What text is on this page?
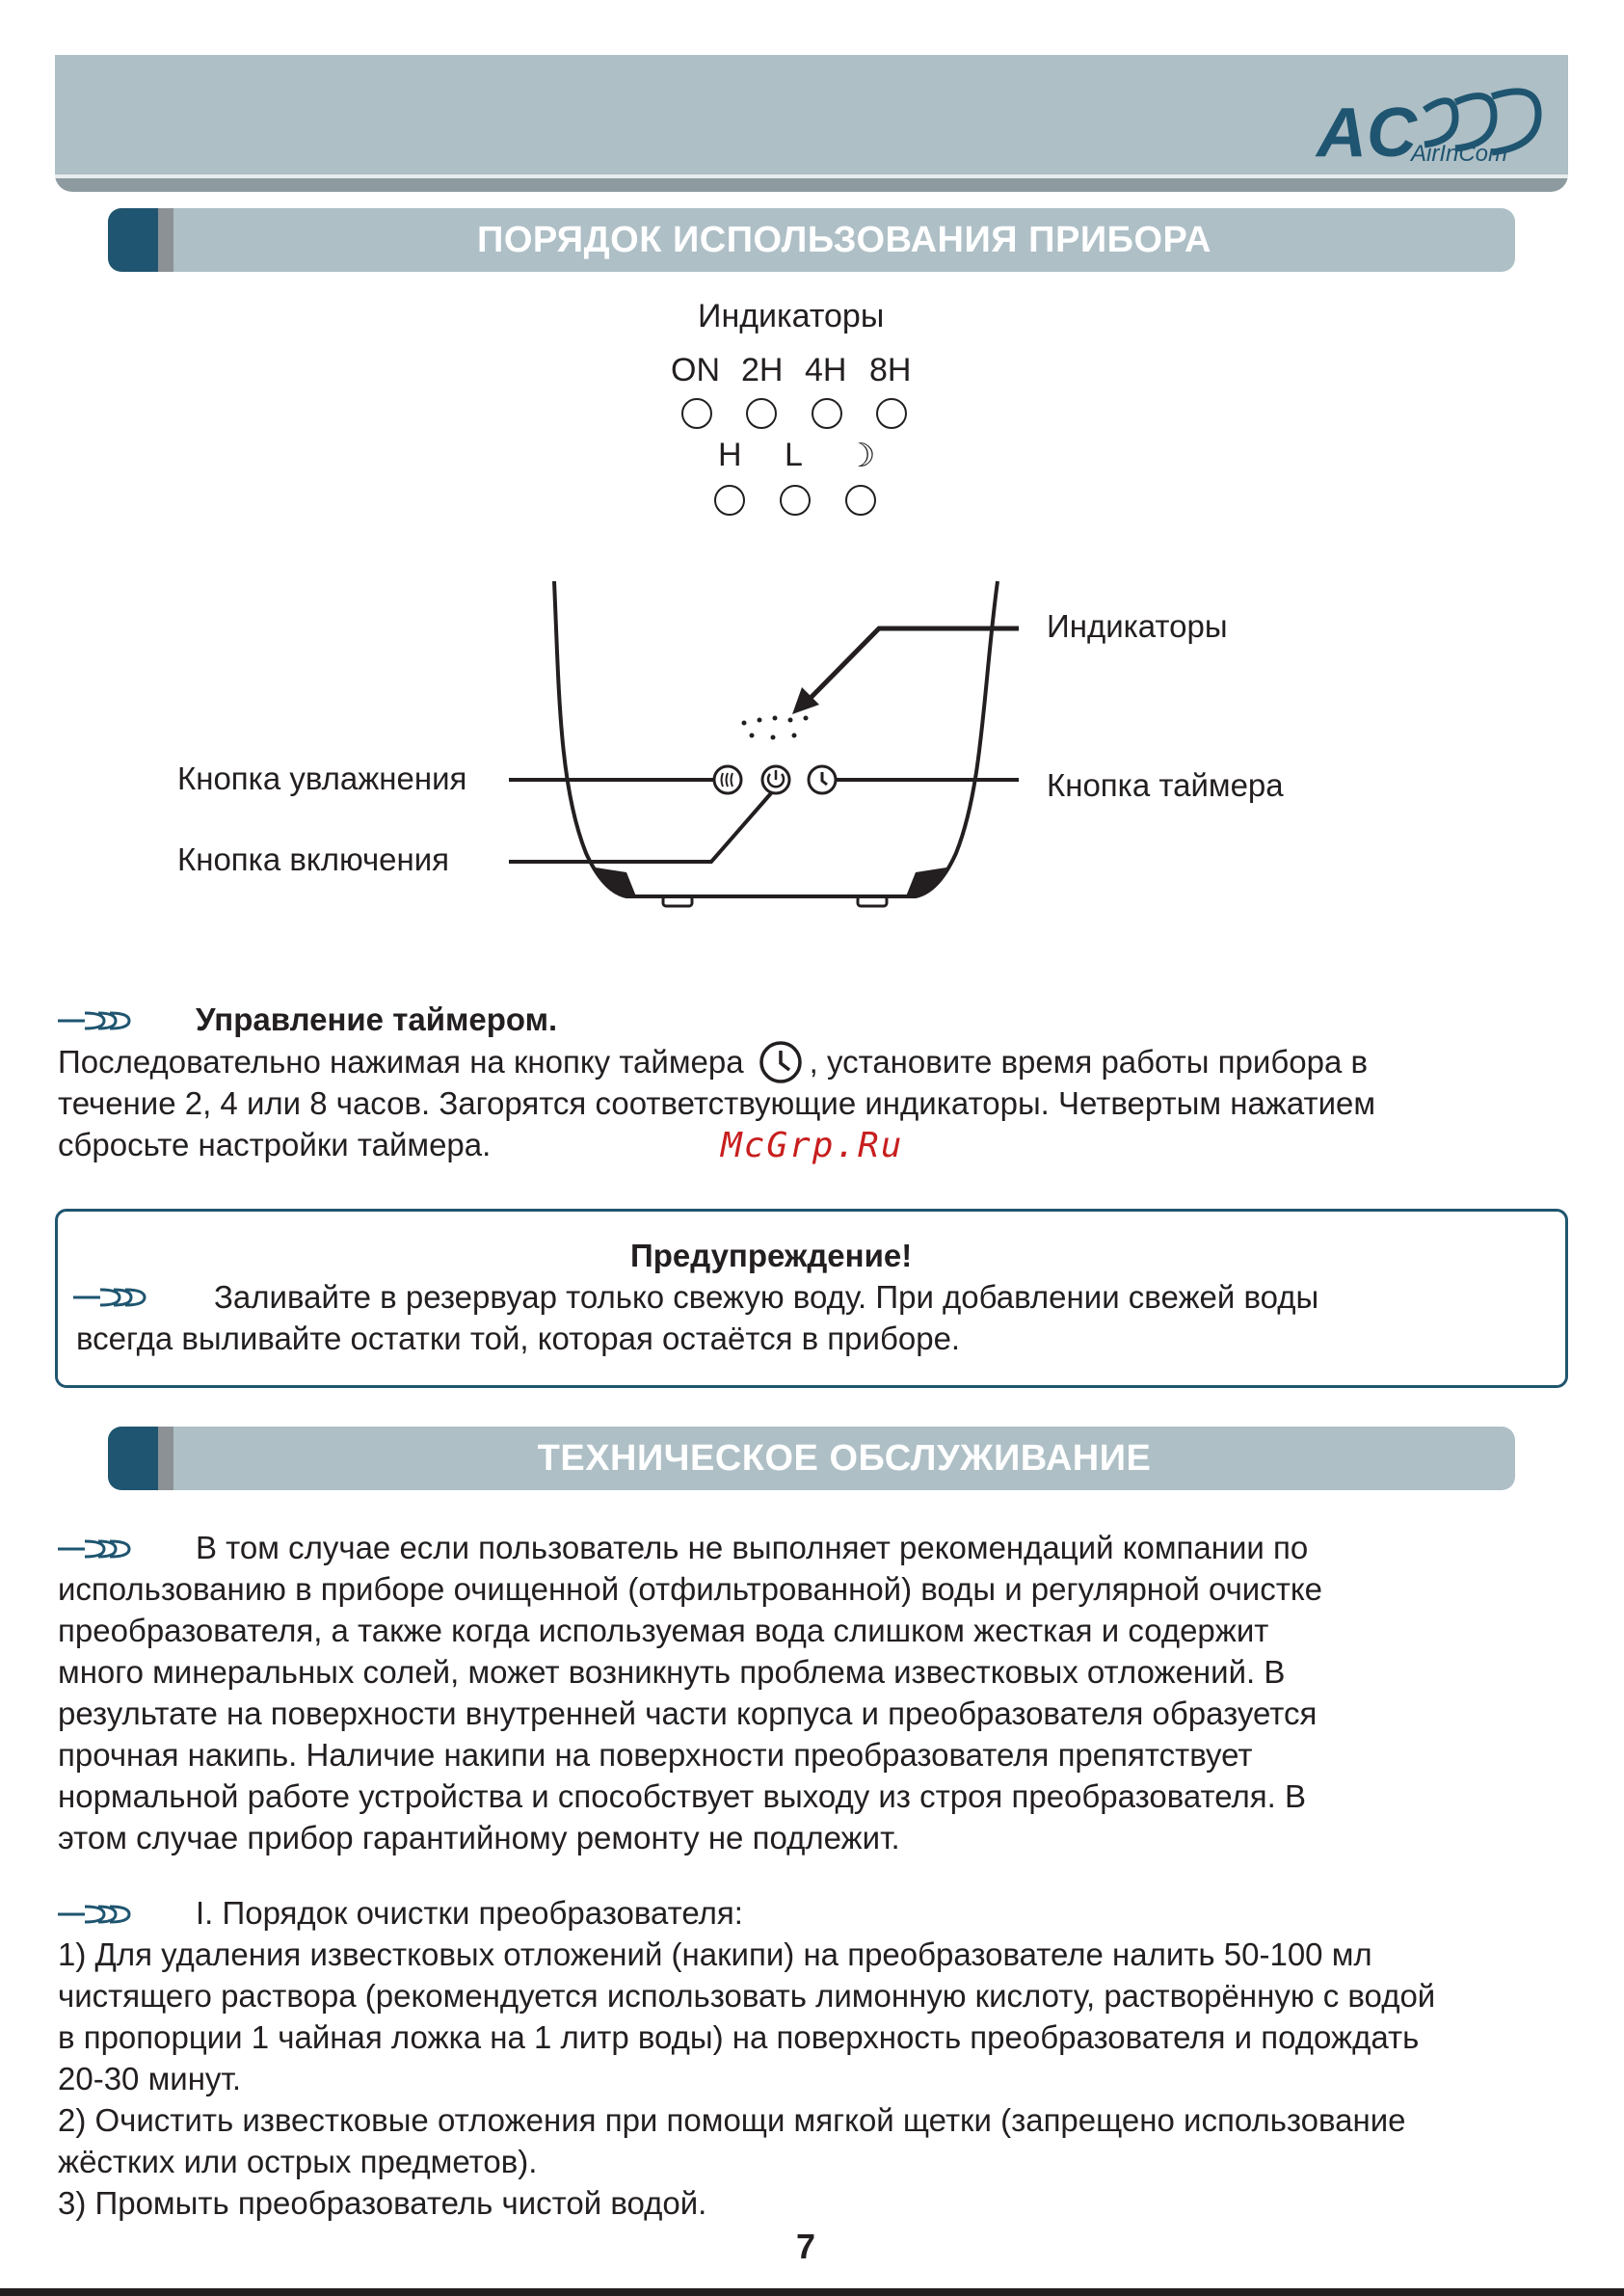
AC
AirInCom
ПОРЯДОК ИСПОЛЬЗОВАНИЯ ПРИБОРА
Индикаторы
ON 2H 4H 8H
H L ☽
Индикаторы
Кнопка увлажнения	Кнопка таймера
Кнопка включения
Управление таймером.
Последовательно нажимая на кнопку таймера , установите время работы прибора в
течение 2, 4 или 8 часов. Загорятся соответствующие индикаторы. Четвертым нажатием
сбросьте настройки таймера.	McGrp.Ru
Предупреждение!
Заливайте в резервуар только свежую воду. При добавлении свежей воды
всегда выливайте остатки той, которая остаётся в приборе.
ТЕХНИЧЕСКОЕ ОБСЛУЖИВАНИЕ
В том случае если пользователь не выполняет рекомендаций компании по
использованию в приборе очищенной (отфильтрованной) воды и регулярной очистке
преобразователя, а также когда используемая вода слишком жесткая и содержит
много минеральных солей, может возникнуть проблема известковых отложений. В
результате на поверхности внутренней части корпуса и преобразователя образуется
прочная накипь. Наличие накипи на поверхности преобразователя препятствует
нормальной работе устройства и способствует выходу из строя преобразователя. В
этом случае прибор гарантийному ремонту не подлежит.
I. Порядок очистки преобразователя:
1) Для удаления известковых отложений (накипи) на преобразователе налить 50-100 мл
чистящего раствора (рекомендуется использовать лимонную кислоту, растворённую с водой
в пропорции 1 чайная ложка на 1 литр воды) на поверхность преобразователя и подождать
20-30 минут.
2) Очистить известковые отложения при помощи мягкой щетки (запрещено использование
жёстких или острых предметов).
3) Промыть преобразователь чистой водой.
7
